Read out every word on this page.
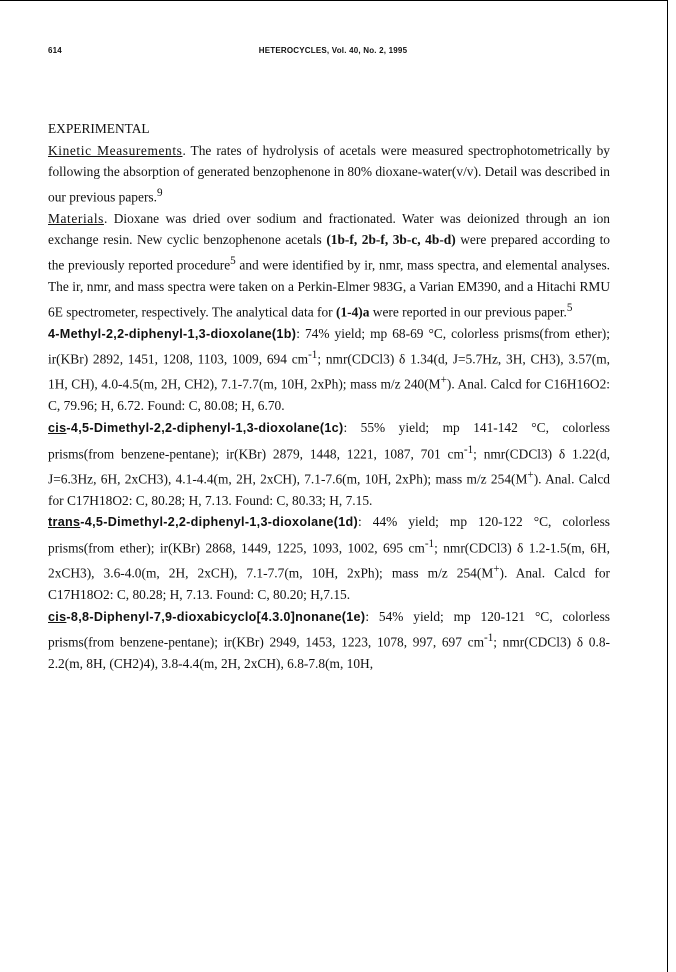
614	HETEROCYCLES, Vol. 40, No. 2, 1995

EXPERIMENTAL

Kinetic Measurements. The rates of hydrolysis of acetals were measured spectrophotometrically by following the absorption of generated benzophenone in 80% dioxane-water(v/v). Detail was described in our previous papers.$^9$

Materials. Dioxane was dried over sodium and fractionated. Water was deionized through an ion exchange resin. New cyclic benzophenone acetals (1b-f, 2b-f, 3b-c, 4b-d) were prepared according to the previously reported procedure$^5$ and were identified by ir, nmr, mass spectra, and elemental analyses. The ir, nmr, and mass spectra were taken on a Perkin-Elmer 983G, a Varian EM390, and a Hitachi RMU 6E spectrometer, respectively. The analytical data for (1-4)a were reported in our previous paper.$^5$

4-Methyl-2,2-diphenyl-1,3-dioxolane(1b): 74% yield; mp 68-69 °C, colorless prisms(from ether); ir(KBr) 2892, 1451, 1208, 1103, 1009, 694 $cm^{-1}$; nmr(CDCl3) δ 1.34(d, J=5.7Hz, 3H, CH3), 3.57(m, 1H, CH), 4.0-4.5(m, 2H, CH2), 7.1-7.7(m, 10H, 2xPh); mass m/z 240(M+). Anal. Calcd for C16H16O2: C, 79.96; H, 6.72. Found: C, 80.08; H, 6.70.

cis-4,5-Dimethyl-2,2-diphenyl-1,3-dioxolane(1c): 55% yield; mp 141-142 °C, colorless prisms(from benzene-pentane); ir(KBr) 2879, 1448, 1221, 1087, 701 $cm^{-1}$; nmr(CDCl3) δ 1.22(d, J=6.3Hz, 6H, 2xCH3), 4.1-4.4(m, 2H, 2xCH), 7.1-7.6(m, 10H, 2xPh); mass m/z 254(M+). Anal. Calcd for C17H18O2: C, 80.28; H, 7.13. Found: C, 80.33; H, 7.15.

trans-4,5-Dimethyl-2,2-diphenyl-1,3-dioxolane(1d): 44% yield; mp 120-122 °C, colorless prisms(from ether); ir(KBr) 2868, 1449, 1225, 1093, 1002, 695 $cm^{-1}$; nmr(CDCl3) δ 1.2-1.5(m, 6H, 2xCH3), 3.6-4.0(m, 2H, 2xCH), 7.1-7.7(m, 10H, 2xPh); mass m/z 254(M+). Anal. Calcd for C17H18O2: C, 80.28; H, 7.13. Found: C, 80.20; H,7.15.

cis-8,8-Diphenyl-7,9-dioxabicyclo[4.3.0]nonane(1e): 54% yield; mp 120-121 °C, colorless prisms(from benzene-pentane); ir(KBr) 2949, 1453, 1223, 1078, 997, 697 $cm^{-1}$; nmr(CDCl3) δ 0.8-2.2(m, 8H, (CH2)4), 3.8-4.4(m, 2H, 2xCH), 6.8-7.8(m, 10H,
